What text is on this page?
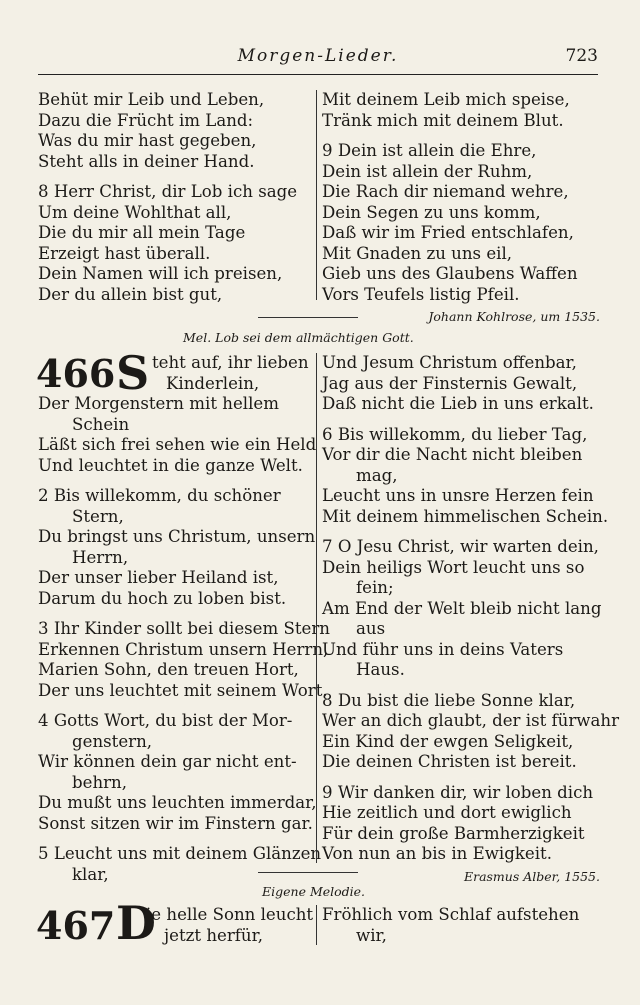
Morgen-Lieder.	723
Behüt mir Leib und Leben,
Dazu die Frücht im Land:
Was du mir hast gegeben,
Steht alls in deiner Hand.
8 Herr Christ, dir Lob ich sage
Um deine Wohlthat all,
Die du mir all mein Tage
Erzeigt hast überall.
Dein Namen will ich preisen,
Der du allein bist gut,
Mit deinem Leib mich speise,
Tränk mich mit deinem Blut.
9 Dein ist allein die Ehre,
Dein ist allein der Ruhm,
Die Rach dir niemand wehre,
Dein Segen zu uns komm,
Daß wir im Fried entschlafen,
Mit Gnaden zu uns eil,
Gieb uns des Glaubens Waffen
Vors Teufels listig Pfeil.
Johann Kohlrose, um 1535.
Mel. Lob sei dem allmächtigen Gott.
466 S teht auf, ihr lieben
Kinderlein,
Der Morgenstern mit hellem
Schein
Läßt sich frei sehen wie ein Held
Und leuchtet in die ganze Welt.
2 Bis willekomm, du schöner
Stern,
Du bringst uns Christum, unsern
Herrn,
Der unser lieber Heiland ist,
Darum du hoch zu loben bist.
3 Ihr Kinder sollt bei diesem Stern
Erkennen Christum unsern Herrn,
Marien Sohn, den treuen Hort,
Der uns leuchtet mit seinem Wort.
4 Gotts Wort, du bist der Mor-
genstern,
Wir können dein gar nicht ent-
behrn,
Du mußt uns leuchten immerdar,
Sonst sitzen wir im Finstern gar.
5 Leucht uns mit deinem Glänzen
klar,
Und Jesum Christum offenbar,
Jag aus der Finsternis Gewalt,
Daß nicht die Lieb in uns erkalt.
6 Bis willekomm, du lieber Tag,
Vor dir die Nacht nicht bleiben
mag,
Leucht uns in unsre Herzen fein
Mit deinem himmelischen Schein.
7 O Jesu Christ, wir warten dein,
Dein heiligs Wort leucht uns so
fein;
Am End der Welt bleib nicht lang
aus
Und führ uns in deins Vaters
Haus.
8 Du bist die liebe Sonne klar,
Wer an dich glaubt, der ist fürwahr
Ein Kind der ewgen Seligkeit,
Die deinen Christen ist bereit.
9 Wir danken dir, wir loben dich
Hie zeitlich und dort ewiglich
Für dein große Barmherzigkeit
Von nun an bis in Ewigkeit.
Erasmus Alber, 1555.
Eigene Melodie.
467 D
ie helle Sonn leucht
jetzt herfür,
Fröhlich vom Schlaf aufstehen
wir,
